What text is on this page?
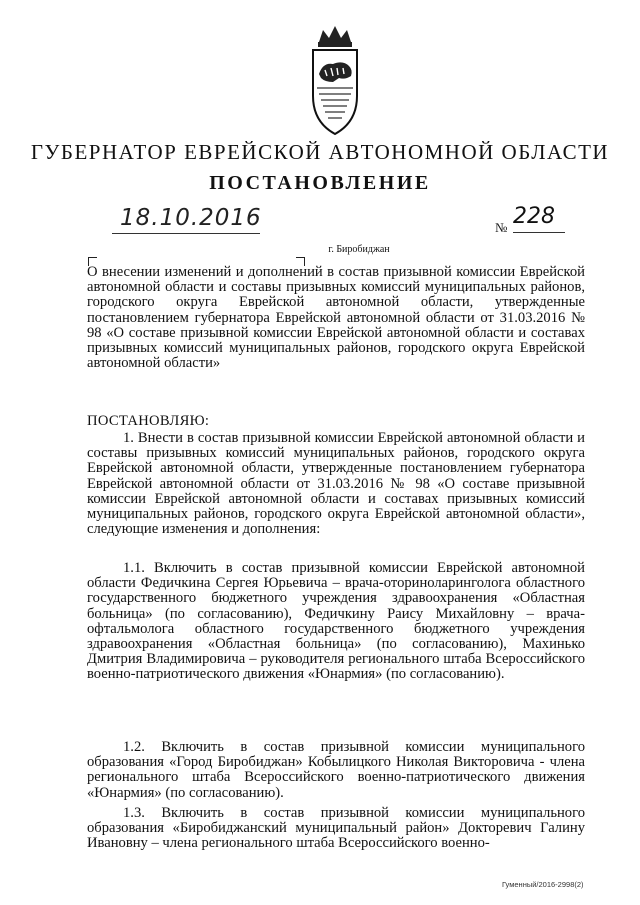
ГУБЕРНАТОР ЕВРЕЙСКОЙ АВТОНОМНОЙ ОБЛАСТИ
ПОСТАНОВЛЕНИЕ
18.10.2016	№ 228
г. Биробиджан
О внесении изменений и дополнений в состав призывной комиссии Еврейской автономной области и составы призывных комиссий муниципальных районов, городского округа Еврейской автономной области, утвержденные постановлением губернатора Еврейской автономной области от 31.03.2016 № 98 «О составе призывной комиссии Еврейской автономной области и составах призывных комиссий муниципальных районов, городского округа Еврейской автономной области»
ПОСТАНОВЛЯЮ:
1. Внести в состав призывной комиссии Еврейской автономной области и составы призывных комиссий муниципальных районов, городского округа Еврейской автономной области, утвержденные постановлением губернатора Еврейской автономной области от 31.03.2016 № 98 «О составе призывной комиссии Еврейской автономной области и составах призывных комиссий муниципальных районов, городского округа Еврейской автономной области», следующие изменения и дополнения:
1.1. Включить в состав призывной комиссии Еврейской автономной области Федичкина Сергея Юрьевича – врача-оториноларинголога областного государственного бюджетного учреждения здравоохранения «Областная больница» (по согласованию), Федичкину Раису Михайловну – врача-офтальмолога областного государственного бюджетного учреждения здравоохранения «Областная больница» (по согласованию), Махинько Дмитрия Владимировича – руководителя регионального штаба Всероссийского военно-патриотического движения «Юнармия» (по согласованию).
1.2. Включить в состав призывной комиссии муниципального образования «Город Биробиджан» Кобылицкого Николая Викторовича - члена регионального штаба Всероссийского военно-патриотического движения «Юнармия» (по согласованию).
1.3. Включить в состав призывной комиссии муниципального образования «Биробиджанский муниципальный район» Докторевич Галину Ивановну – члена регионального штаба Всероссийского военно-
Гуменный/2016-2998(2)
